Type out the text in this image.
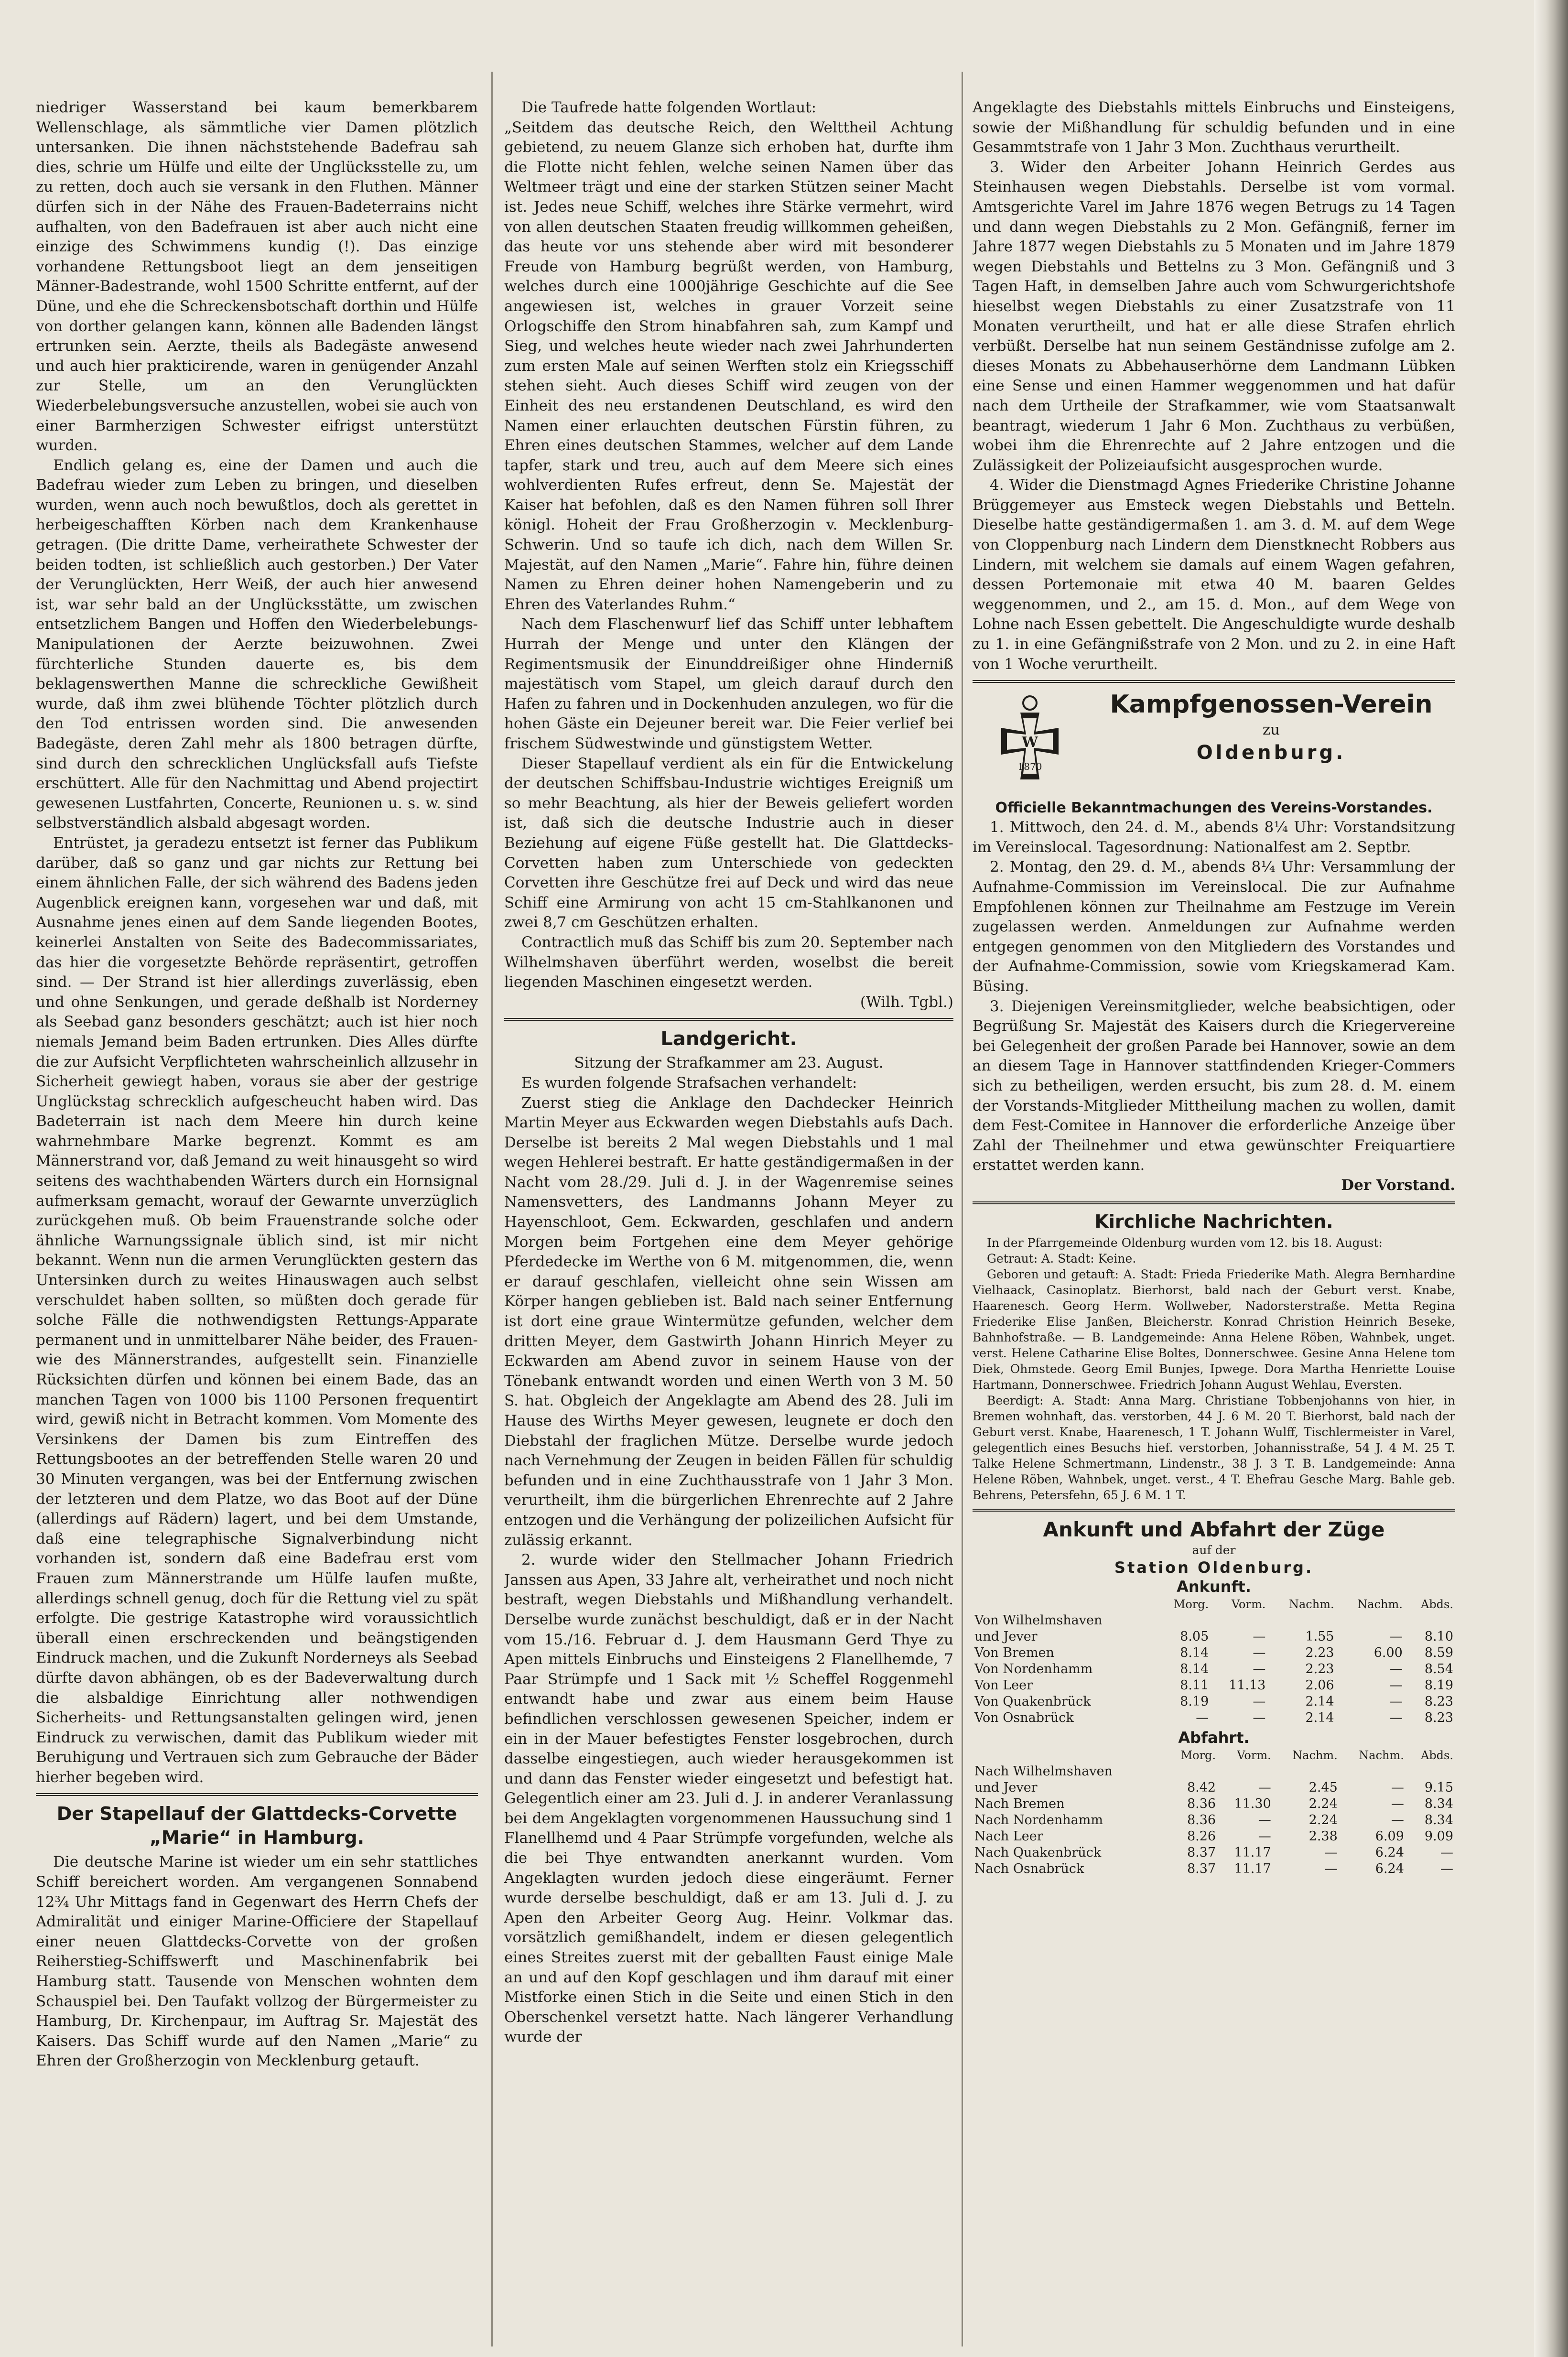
niedriger Wasserstand bei kaum bemerkbarem Wellenschlage, als sämmtliche vier Damen plötzlich untersanken. Die ihnen nächststehende Badefrau sah dies, schrie um Hülfe und eilte der Unglücksstelle zu, um zu retten, doch auch sie versank in den Fluthen. Männer dürfen sich in der Nähe des Frauen-Badeterrains nicht aufhalten, von den Badefrauen ist aber auch nicht eine einzige des Schwimmens kundig (!). Das einzige vorhandene Rettungsboot liegt an dem jenseitigen Männer-Badestrande, wohl 1500 Schritte entfernt, auf der Düne, und ehe die Schreckensbotschaft dorthin und Hülfe von dorther gelangen kann, können alle Badenden längst ertrunken sein. Aerzte, theils als Badegäste anwesend und auch hier prakticirende, waren in genügender Anzahl zur Stelle, um an den Verunglückten Wiederbelebungsversuche anzustellen, wobei sie auch von einer Barmherzigen Schwester eifrigst unterstützt wurden.

Endlich gelang es, eine der Damen und auch die Badefrau wieder zum Leben zu bringen, und dieselben wurden, wenn auch noch bewußtlos, doch als gerettet in herbeigeschafften Körben nach dem Krankenhause getragen. (Die dritte Dame, verheirathete Schwester der beiden todten, ist schließlich auch gestorben.) Der Vater der Verunglückten, Herr Weiß, der auch hier anwesend ist, war sehr bald an der Unglücksstätte, um zwischen entsetzlichem Bangen und Hoffen den Wiederbelebungs-Manipulationen der Aerzte beizuwohnen. Zwei fürchterliche Stunden dauerte es, bis dem beklagenswerthen Manne die schreckliche Gewißheit wurde, daß ihm zwei blühende Töchter plötzlich durch den Tod entrissen worden sind. Die anwesenden Badegäste, deren Zahl mehr als 1800 betragen dürfte, sind durch den schrecklichen Unglücksfall aufs Tiefste erschüttert. Alle für den Nachmittag und Abend projectirt gewesenen Lustfahrten, Concerte, Reunionen u. s. w. sind selbstverständlich alsbald abgesagt worden.

Entrüstet, ja geradezu entsetzt ist ferner das Publikum darüber, daß so ganz und gar nichts zur Rettung bei einem ähnlichen Falle, der sich während des Badens jeden Augenblick ereignen kann, vorgesehen war und daß, mit Ausnahme jenes einen auf dem Sande liegenden Bootes, keinerlei Anstalten von Seite des Badecommissariates, das hier die vorgesetzte Behörde repräsentirt, getroffen sind. — Der Strand ist hier allerdings zuverlässig, eben und ohne Senkungen, und gerade deßhalb ist Norderney als Seebad ganz besonders geschätzt; auch ist hier noch niemals Jemand beim Baden ertrunken. Dies Alles dürfte die zur Aufsicht Verpflichteten wahrscheinlich allzusehr in Sicherheit gewiegt haben, voraus sie aber der gestrige Unglückstag schrecklich aufgescheucht haben wird. Das Badeterrain ist nach dem Meere hin durch keine wahrnehmbare Marke begrenzt. Kommt es am Männerstrand vor, daß Jemand zu weit hinausgeht so wird seitens des wachthabenden Wärters durch ein Hornsignal aufmerksam gemacht, worauf der Gewarnte unverzüglich zurückgehen muß. Ob beim Frauenstrande solche oder ähnliche Warnungssignale üblich sind, ist mir nicht bekannt. Wenn nun die armen Verunglückten gestern das Untersinken durch zu weites Hinauswagen auch selbst verschuldet haben sollten, so müßten doch gerade für solche Fälle die nothwendigsten Rettungs-Apparate permanent und in unmittelbarer Nähe beider, des Frauen- wie des Männerstrandes, aufgestellt sein. Finanzielle Rücksichten dürfen und können bei einem Bade, das an manchen Tagen von 1000 bis 1100 Personen frequentirt wird, gewiß nicht in Betracht kommen. Vom Momente des Versinkens der Damen bis zum Eintreffen des Rettungsbootes an der betreffenden Stelle waren 20 und 30 Minuten vergangen, was bei der Entfernung zwischen der letzteren und dem Platze, wo das Boot auf der Düne (allerdings auf Rädern) lagert, und bei dem Umstande, daß eine telegraphische Signalverbindung nicht vorhanden ist, sondern daß eine Badefrau erst vom Frauen zum Männerstrande um Hülfe laufen mußte, allerdings schnell genug, doch für die Rettung viel zu spät erfolgte. Die gestrige Katastrophe wird voraussichtlich überall einen erschreckenden und beängstigenden Eindruck machen, und die Zukunft Norderneys als Seebad dürfte davon abhängen, ob es der Badeverwaltung durch die alsbaldige Einrichtung aller nothwendigen Sicherheits- und Rettungsanstalten gelingen wird, jenen Eindruck zu verwischen, damit das Publikum wieder mit Beruhigung und Vertrauen sich zum Gebrauche der Bäder hierher begeben wird.

Der Stapellauf der Glattdecks-Corvette „Marie“ in Hamburg.

Die deutsche Marine ist wieder um ein sehr stattliches Schiff bereichert worden. Am vergangenen Sonnabend 12¾ Uhr Mittags fand in Gegenwart des Herrn Chefs der Admiralität und einiger Marine-Officiere der Stapellauf einer neuen Glattdecks-Corvette von der großen Reiherstieg-Schiffswerft und Maschinenfabrik bei Hamburg statt. Tausende von Menschen wohnten dem Schauspiel bei. Den Taufakt vollzog der Bürgermeister zu Hamburg, Dr. Kirchenpaur, im Auftrag Sr. Majestät des Kaisers. Das Schiff wurde auf den Namen „Marie“ zu Ehren der Großherzogin von Mecklenburg getauft.

Die Taufrede hatte folgenden Wortlaut:

„Seitdem das deutsche Reich, den Welttheil Achtung gebietend, zu neuem Glanze sich erhoben hat, durfte ihm die Flotte nicht fehlen, welche seinen Namen über das Weltmeer trägt und eine der starken Stützen seiner Macht ist. Jedes neue Schiff, welches ihre Stärke vermehrt, wird von allen deutschen Staaten freudig willkommen geheißen, das heute vor uns stehende aber wird mit besonderer Freude von Hamburg begrüßt werden, von Hamburg, welches durch eine 1000jährige Geschichte auf die See angewiesen ist, welches in grauer Vorzeit seine Orlogschiffe den Strom hinabfahren sah, zum Kampf und Sieg, und welches heute wieder nach zwei Jahrhunderten zum ersten Male auf seinen Werften stolz ein Kriegsschiff stehen sieht. Auch dieses Schiff wird zeugen von der Einheit des neu erstandenen Deutschland, es wird den Namen einer erlauchten deutschen Fürstin führen, zu Ehren eines deutschen Stammes, welcher auf dem Lande tapfer, stark und treu, auch auf dem Meere sich eines wohlverdienten Rufes erfreut, denn Se. Majestät der Kaiser hat befohlen, daß es den Namen führen soll Ihrer königl. Hoheit der Frau Großherzogin v. Mecklenburg-Schwerin. Und so taufe ich dich, nach dem Willen Sr. Majestät, auf den Namen „Marie“. Fahre hin, führe deinen Namen zu Ehren deiner hohen Namengeberin und zu Ehren des Vaterlandes Ruhm.“

Nach dem Flaschenwurf lief das Schiff unter lebhaftem Hurrah der Menge und unter den Klängen der Regimentsmusik der Einunddreißiger ohne Hinderniß majestätisch vom Stapel, um gleich darauf durch den Hafen zu fahren und in Dockenhuden anzulegen, wo für die hohen Gäste ein Dejeuner bereit war. Die Feier verlief bei frischem Südwestwinde und günstigstem Wetter.

Dieser Stapellauf verdient als ein für die Entwickelung der deutschen Schiffsbau-Industrie wichtiges Ereigniß um so mehr Beachtung, als hier der Beweis geliefert worden ist, daß sich die deutsche Industrie auch in dieser Beziehung auf eigene Füße gestellt hat. Die Glattdecks-Corvetten haben zum Unterschiede von gedeckten Corvetten ihre Geschütze frei auf Deck und wird das neue Schiff eine Armirung von acht 15 cm-Stahlkanonen und zwei 8,7 cm Geschützen erhalten.

Contractlich muß das Schiff bis zum 20. September nach Wilhelmshaven überführt werden, woselbst die bereit liegenden Maschinen eingesetzt werden.

(Wilh. Tgbl.)

Landgericht.

Sitzung der Strafkammer am 23. August.

Es wurden folgende Strafsachen verhandelt:

Zuerst stieg die Anklage den Dachdecker Heinrich Martin Meyer aus Eckwarden wegen Diebstahls aufs Dach. Derselbe ist bereits 2 Mal wegen Diebstahls und 1 mal wegen Hehlerei bestraft. Er hatte geständigermaßen in der Nacht vom 28./29. Juli d. J. in der Wagenremise seines Namensvetters, des Landmanns Johann Meyer zu Hayenschloot, Gem. Eckwarden, geschlafen und andern Morgen beim Fortgehen eine dem Meyer gehörige Pferdedecke im Werthe von 6 M. mitgenommen, die, wenn er darauf geschlafen, vielleicht ohne sein Wissen am Körper hangen geblieben ist. Bald nach seiner Entfernung ist dort eine graue Wintermütze gefunden, welcher dem dritten Meyer, dem Gastwirth Johann Hinrich Meyer zu Eckwarden am Abend zuvor in seinem Hause von der Tönebank entwandt worden und einen Werth von 3 M. 50 S. hat. Obgleich der Angeklagte am Abend des 28. Juli im Hause des Wirths Meyer gewesen, leugnete er doch den Diebstahl der fraglichen Mütze. Derselbe wurde jedoch nach Vernehmung der Zeugen in beiden Fällen für schuldig befunden und in eine Zuchthausstrafe von 1 Jahr 3 Mon. verurtheilt, ihm die bürgerlichen Ehrenrechte auf 2 Jahre entzogen und die Verhängung der polizeilichen Aufsicht für zulässig erkannt.

2. wurde wider den Stellmacher Johann Friedrich Janssen aus Apen, 33 Jahre alt, verheirathet und noch nicht bestraft, wegen Diebstahls und Mißhandlung verhandelt. Derselbe wurde zunächst beschuldigt, daß er in der Nacht vom 15./16. Februar d. J. dem Hausmann Gerd Thye zu Apen mittels Einbruchs und Einsteigens 2 Flanellhemde, 7 Paar Strümpfe und 1 Sack mit ½ Scheffel Roggenmehl entwandt habe und zwar aus einem beim Hause befindlichen verschlossen gewesenen Speicher, indem er ein in der Mauer befestigtes Fenster losgebrochen, durch dasselbe eingestiegen, auch wieder herausgekommen ist und dann das Fenster wieder eingesetzt und befestigt hat. Gelegentlich einer am 23. Juli d. J. in anderer Veranlassung bei dem Angeklagten vorgenommenen Haussuchung sind 1 Flanellhemd und 4 Paar Strümpfe vorgefunden, welche als die bei Thye entwandten anerkannt wurden. Vom Angeklagten wurden jedoch diese eingeräumt. Ferner wurde derselbe beschuldigt, daß er am 13. Juli d. J. zu Apen den Arbeiter Georg Aug. Heinr. Volkmar das. vorsätzlich gemißhandelt, indem er diesen gelegentlich eines Streites zuerst mit der geballten Faust einige Male an und auf den Kopf geschlagen und ihm darauf mit einer Mistforke einen Stich in die Seite und einen Stich in den Oberschenkel versetzt hatte. Nach längerer Verhandlung wurde der

Angeklagte des Diebstahls mittels Einbruchs und Einsteigens, sowie der Mißhandlung für schuldig befunden und in eine Gesammtstrafe von 1 Jahr 3 Mon. Zuchthaus verurtheilt.

3. Wider den Arbeiter Johann Heinrich Gerdes aus Steinhausen wegen Diebstahls. Derselbe ist vom vormal. Amtsgerichte Varel im Jahre 1876 wegen Betrugs zu 14 Tagen und dann wegen Diebstahls zu 2 Mon. Gefängniß, ferner im Jahre 1877 wegen Diebstahls zu 5 Monaten und im Jahre 1879 wegen Diebstahls und Bettelns zu 3 Mon. Gefängniß und 3 Tagen Haft, in demselben Jahre auch vom Schwurgerichtshofe hieselbst wegen Diebstahls zu einer Zusatzstrafe von 11 Monaten verurtheilt, und hat er alle diese Strafen ehrlich verbüßt. Derselbe hat nun seinem Geständnisse zufolge am 2. dieses Monats zu Abbehauserhörne dem Landmann Lübken eine Sense und einen Hammer weggenommen und hat dafür nach dem Urtheile der Strafkammer, wie vom Staatsanwalt beantragt, wiederum 1 Jahr 6 Mon. Zuchthaus zu verbüßen, wobei ihm die Ehrenrechte auf 2 Jahre entzogen und die Zulässigkeit der Polizeiaufsicht ausgesprochen wurde.

4. Wider die Dienstmagd Agnes Friederike Christine Johanne Brüggemeyer aus Emsteck wegen Diebstahls und Betteln. Dieselbe hatte geständigermaßen 1. am 3. d. M. auf dem Wege von Cloppenburg nach Lindern dem Dienstknecht Robbers aus Lindern, mit welchem sie damals auf einem Wagen gefahren, dessen Portemonaie mit etwa 40 M. baaren Geldes weggenommen, und 2., am 15. d. Mon., auf dem Wege von Lohne nach Essen gebettelt. Die Angeschuldigte wurde deshalb zu 1. in eine Gefängnißstrafe von 2 Mon. und zu 2. in eine Haft von 1 Woche verurtheilt.

W
1870

Kampfgenossen-Verein

zu

Oldenburg.

Officielle Bekanntmachungen des Vereins-Vorstandes.

1. Mittwoch, den 24. d. M., abends 8¼ Uhr: Vorstandsitzung im Vereinslocal. Tagesordnung: Nationalfest am 2. Septbr.

2. Montag, den 29. d. M., abends 8¼ Uhr: Versammlung der Aufnahme-Commission im Vereinslocal. Die zur Aufnahme Empfohlenen können zur Theilnahme am Festzuge im Verein zugelassen werden. Anmeldungen zur Aufnahme werden entgegen genommen von den Mitgliedern des Vorstandes und der Aufnahme-Commission, sowie vom Kriegskamerad Kam. Büsing.

3. Diejenigen Vereinsmitglieder, welche beabsichtigen, oder Begrüßung Sr. Majestät des Kaisers durch die Kriegervereine bei Gelegenheit der großen Parade bei Hannover, sowie an dem an diesem Tage in Hannover stattfindenden Krieger-Commers sich zu betheiligen, werden ersucht, bis zum 28. d. M. einem der Vorstands-Mitglieder Mittheilung machen zu wollen, damit dem Fest-Comitee in Hannover die erforderliche Anzeige über Zahl der Theilnehmer und etwa gewünschter Freiquartiere erstattet werden kann.

Der Vorstand.

Kirchliche Nachrichten.

In der Pfarrgemeinde Oldenburg wurden vom 12. bis 18. August:

Getraut: A. Stadt: Keine.

Geboren und getauft: A. Stadt: Frieda Friederike Math. Alegra Bernhardine Vielhaack, Casinoplatz. Bierhorst, bald nach der Geburt verst. Knabe, Haarenesch. Georg Herm. Wollweber, Nadorsterstraße. Metta Regina Friederike Elise Janßen, Bleicherstr. Konrad Christion Heinrich Beseke, Bahnhofstraße. — B. Landgemeinde: Anna Helene Röben, Wahnbek, unget. verst. Helene Catharine Elise Boltes, Donnerschwee. Gesine Anna Helene tom Diek, Ohmstede. Georg Emil Bunjes, Ipwege. Dora Martha Henriette Louise Hartmann, Donnerschwee. Friedrich Johann August Wehlau, Eversten.

Beerdigt: A. Stadt: Anna Marg. Christiane Tobbenjohanns von hier, in Bremen wohnhaft, das. verstorben, 44 J. 6 M. 20 T. Bierhorst, bald nach der Geburt verst. Knabe, Haarenesch, 1 T. Johann Wulff, Tischlermeister in Varel, gelegentlich eines Besuchs hief. verstorben, Johannisstraße, 54 J. 4 M. 25 T. Talke Helene Schmertmann, Lindenstr., 38 J. 3 T. B. Landgemeinde: Anna Helene Röben, Wahnbek, unget. verst., 4 T. Ehefrau Gesche Marg. Bahle geb. Behrens, Petersfehn, 65 J. 6 M. 1 T.

Ankunft und Abfahrt der Züge

auf der

Station Oldenburg.

Ankunft.

	Morg.	Vorm.	Nachm.	Nachm.	Abds.
Von Wilhelmshaven					
und Jever	8.05	—	1.55	—	8.10
Von Bremen	8.14	—	2.23	6.00	8.59
Von Nordenhamm	8.14	—	2.23	—	8.54
Von Leer	8.11	11.13	2.06	—	8.19
Von Quakenbrück	8.19	—	2.14	—	8.23
Von Osnabrück	—	—	2.14	—	8.23

Abfahrt.

	Morg.	Vorm.	Nachm.	Nachm.	Abds.
Nach Wilhelmshaven					
und Jever	8.42	—	2.45	—	9.15
Nach Bremen	8.36	11.30	2.24	—	8.34
Nach Nordenhamm	8.36	—	2.24	—	8.34
Nach Leer	8.26	—	2.38	6.09	9.09
Nach Quakenbrück	8.37	11.17	—	6.24	—
Nach Osnabrück	8.37	11.17	—	6.24	—
